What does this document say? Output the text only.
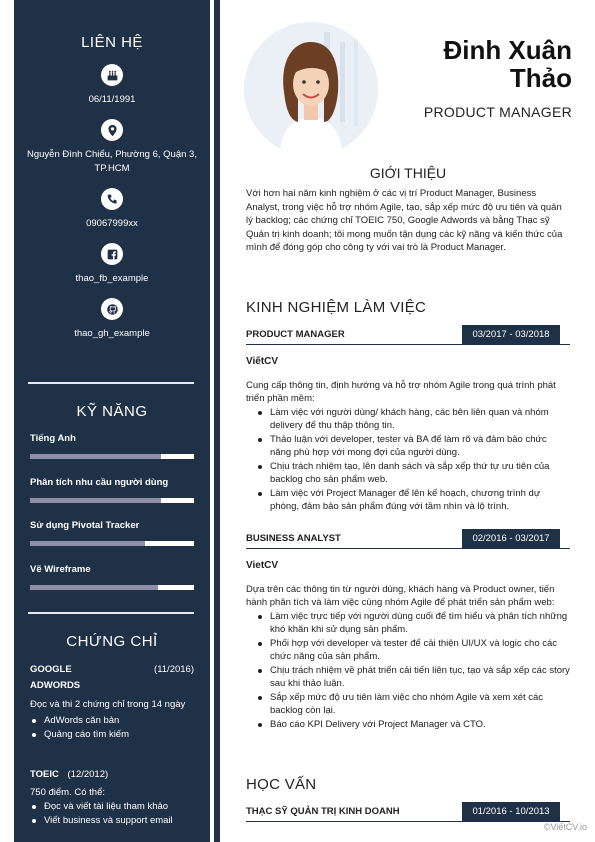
LIÊN HỆ
06/11/1991
Nguyễn Đình Chiểu, Phường 6, Quận 3, TP.HCM
09067999xx
thao_fb_example
thao_gh_example
KỸ NĂNG
Tiếng Anh
Phân tích nhu cầu người dùng
Sử dụng Pivotal Tracker
Vẽ Wireframe
CHỨNG CHỈ
GOOGLE
ADWORDS
(11/2016)
Đọc và thi 2 chứng chỉ trong 14 ngày
AdWords căn bản
Quảng cáo tìm kiếm
TOEIC (12/2012)
750 điểm. Có thể:
Đọc và viết tài liệu tham khảo
Viết business và support email
Đinh Xuân
Thảo
PRODUCT MANAGER
GIỚI THIỆU
Với hơn hai năm kinh nghiệm ở các vị trí Product Manager, Business Analyst, trong việc hỗ trợ nhóm Agile, tạo, sắp xếp mức độ ưu tiên và quản lý backlog; các chứng chỉ TOEIC 750, Google Adwords và bằng Thạc sỹ Quản trị kinh doanh; tôi mong muốn tận dụng các kỹ năng và kiến thức của mình để đóng góp cho công ty với vai trò là Product Manager.
KINH NGHIỆM LÀM VIỆC
PRODUCT MANAGER	03/2017 - 03/2018
ViếtCV
Cung cấp thông tin, định hướng và hỗ trợ nhóm Agile trong quá trình phát triển phần mềm:
Làm việc với người dùng/ khách hàng, các bên liên quan và nhóm delivery để thu thập thông tin.
Thảo luận với developer, tester và BA để làm rõ và đảm bảo chức năng phù hợp với mong đợi của người dùng.
Chịu trách nhiệm tạo, lên danh sách và sắp xếp thứ tự ưu tiên của backlog cho sản phẩm web.
Làm việc với Project Manager để lên kế hoạch, chương trình dự phòng, đảm bảo sản phẩm đúng với tầm nhìn và lộ trình.
BUSINESS ANALYST	02/2016 - 03/2017
VietCV
Dựa trên các thông tin từ người dùng, khách hàng và Product owner, tiến hành phân tích và làm việc cùng nhóm Agile để phát triển sản phẩm web:
Làm việc trực tiếp với người dùng cuối để tìm hiểu và phân tích những khó khăn khi sử dụng sản phẩm.
Phối hợp với developer và tester để cải thiện UI/UX và logic cho các chức năng của sản phẩm.
Chịu trách nhiệm về phát triển cải tiến liên tục, tạo và sắp xếp các story sau khi thảo luận.
Sắp xếp mức độ ưu tiên làm việc cho nhóm Agile và xem xét các backlog còn lại.
Báo cáo KPI Delivery với Project Manager và CTO.
HỌC VẤN
THẠC SỸ QUẢN TRỊ KINH DOANH	01/2016 - 10/2013
©ViếtCV.io
